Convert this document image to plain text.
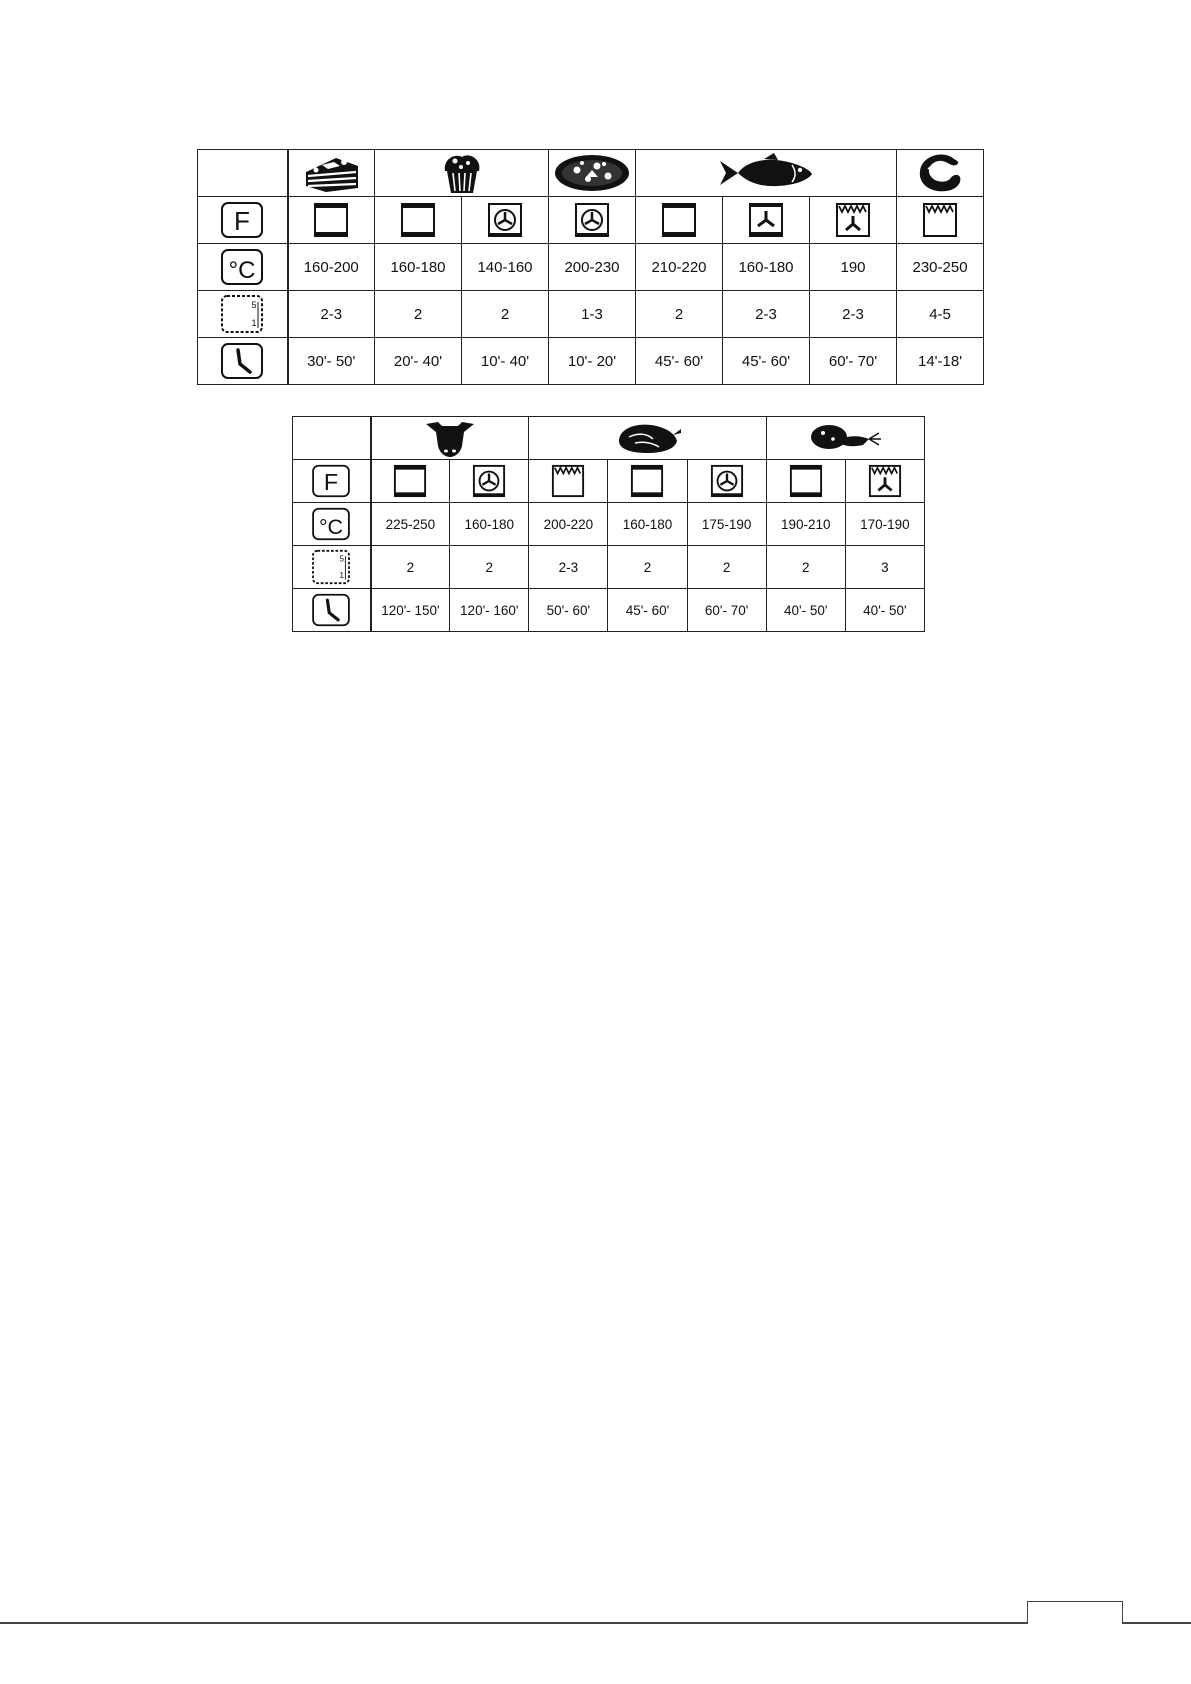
F

°C	160-200	160-180	140-160	200-230	210-220	160-180	190	230-250

5
1	2-3	2	2	1-3	2	2-3	2-3	4-5

	30'- 50'	20'- 40'	10'- 40'	10'- 20'	45'- 60'	45'- 60'	60'- 70'	14'-18'

F

°C	225-250	160-180	200-220	160-180	175-190	190-210	170-190

5
1	2	2	2-3	2	2	2	3

	120'- 150'	120'- 160'	50'- 60'	45'- 60'	60'- 70'	40'- 50'	40'- 50'
